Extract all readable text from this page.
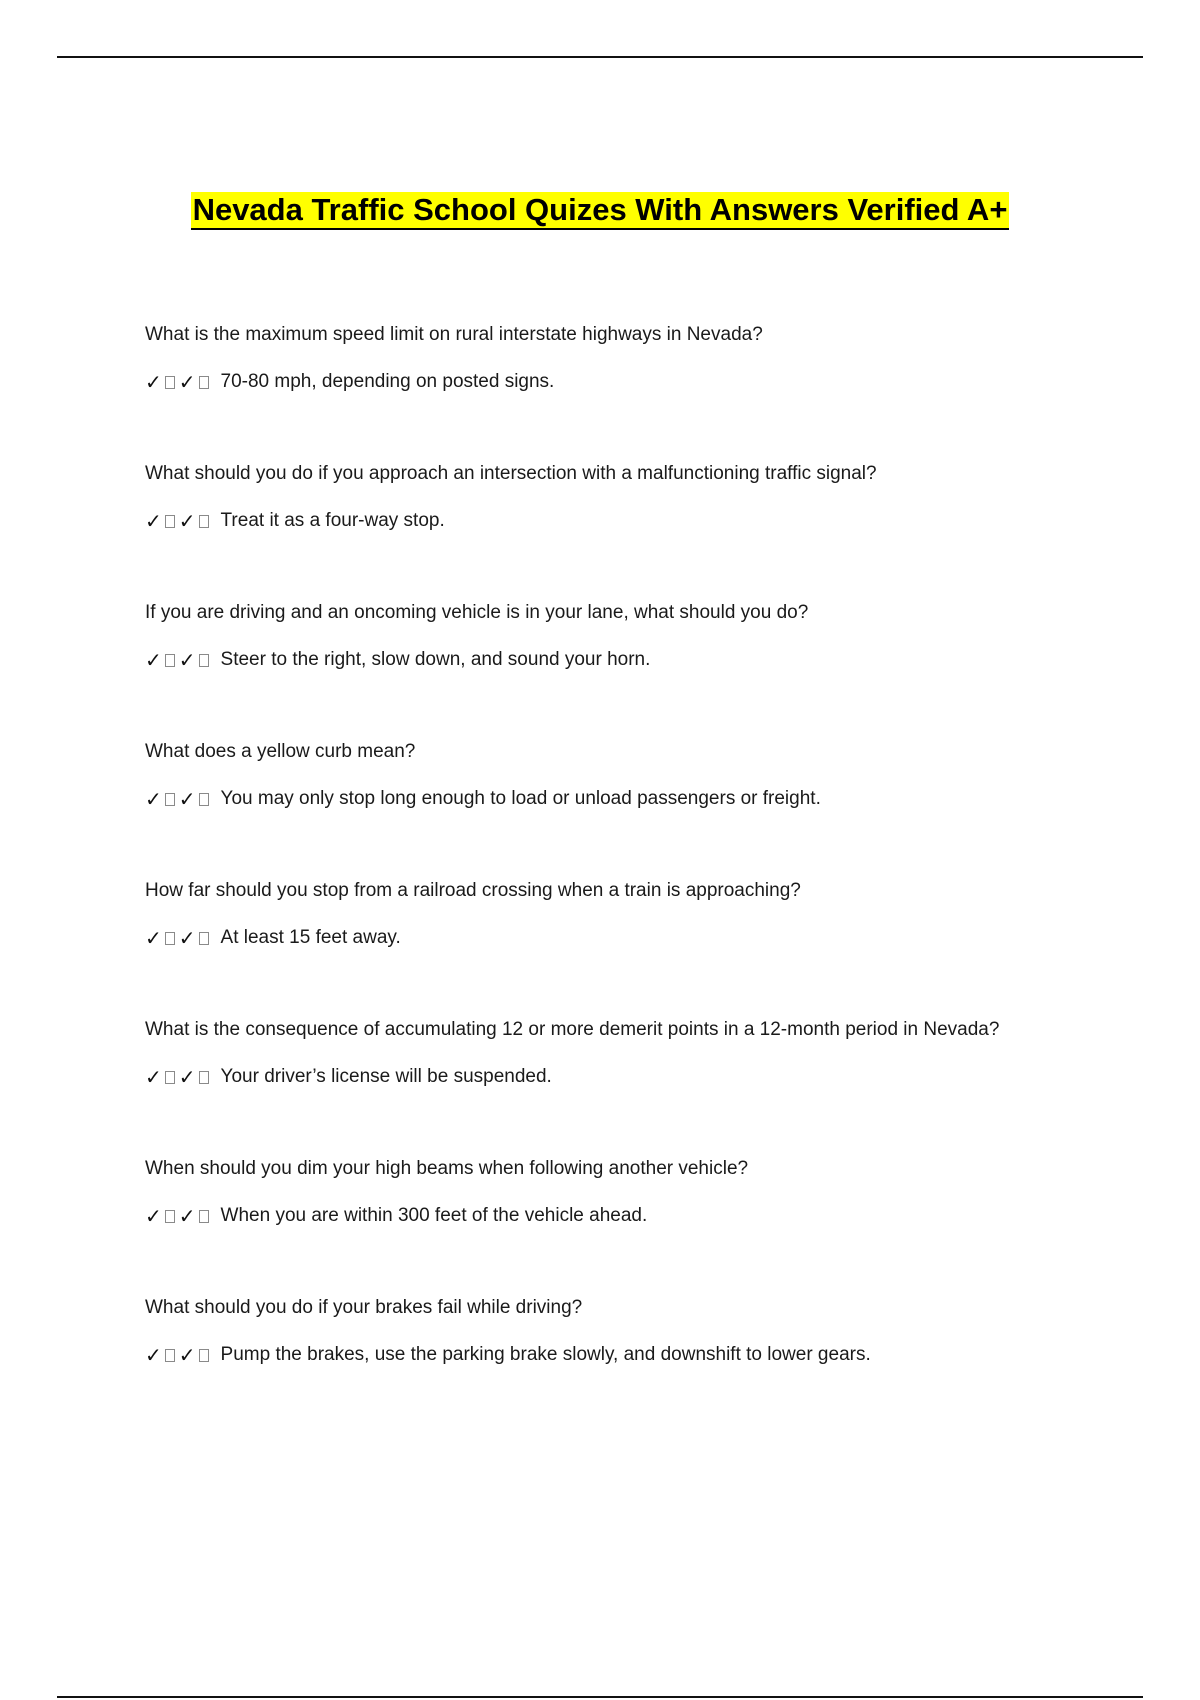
Nevada Traffic School Quizes With Answers Verified A+
What is the maximum speed limit on rural interstate highways in Nevada?
✓ ✓ 70-80 mph, depending on posted signs.
What should you do if you approach an intersection with a malfunctioning traffic signal?
✓ ✓ Treat it as a four-way stop.
If you are driving and an oncoming vehicle is in your lane, what should you do?
✓ ✓ Steer to the right, slow down, and sound your horn.
What does a yellow curb mean?
✓ ✓ You may only stop long enough to load or unload passengers or freight.
How far should you stop from a railroad crossing when a train is approaching?
✓ ✓ At least 15 feet away.
What is the consequence of accumulating 12 or more demerit points in a 12-month period in Nevada?
✓ ✓ Your driver’s license will be suspended.
When should you dim your high beams when following another vehicle?
✓ ✓ When you are within 300 feet of the vehicle ahead.
What should you do if your brakes fail while driving?
✓ ✓ Pump the brakes, use the parking brake slowly, and downshift to lower gears.
